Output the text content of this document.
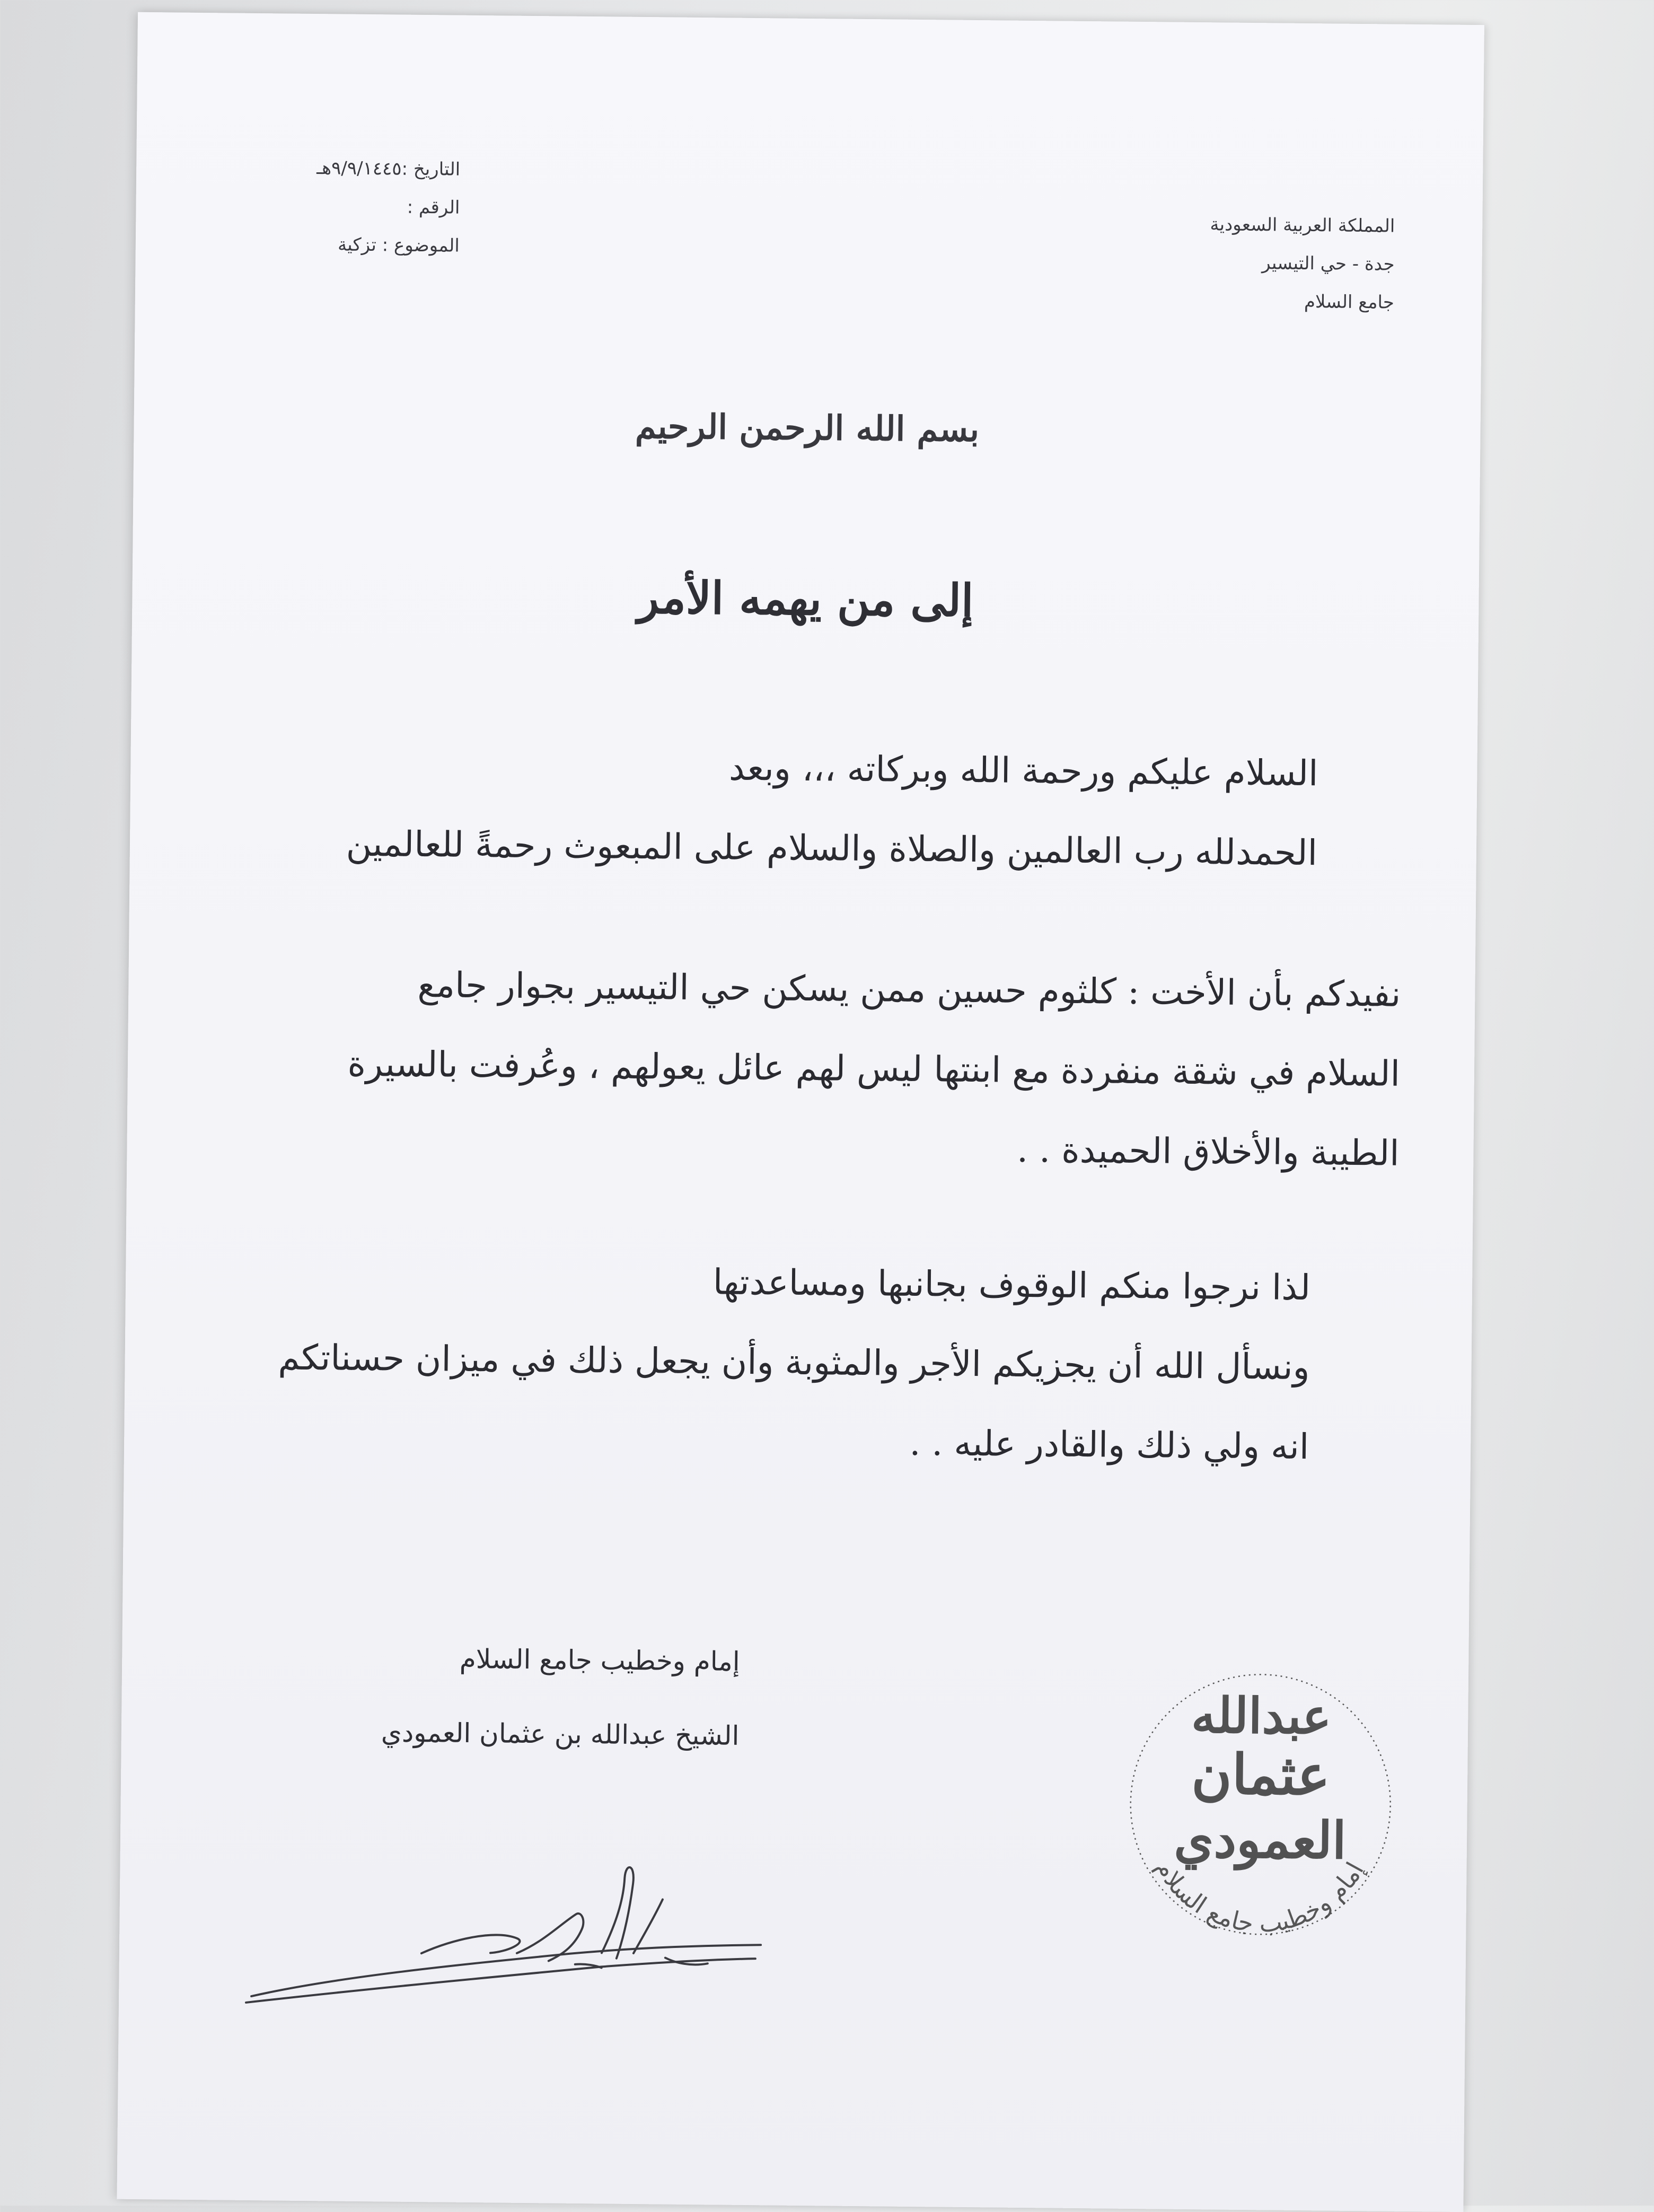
التاريخ :٩/٩/١٤٤٥هـ
الرقم :
الموضوع : تزكية
المملكة العربية السعودية
جدة - حي التيسير
جامع السلام
بسم الله الرحمن الرحيم
إلى من يهمه الأمر
السلام عليكم ورحمة الله وبركاته ،،، وبعد
الحمدلله رب العالمين والصلاة والسلام على المبعوث رحمةً للعالمين
نفيدكم بأن الأخت : كلثوم حسين ممن يسكن حي التيسير بجوار جامع
السلام في شقة منفردة مع ابنتها ليس لهم عائل يعولهم ، وعُرفت بالسيرة
الطيبة والأخلاق الحميدة . .
لذا نرجوا منكم الوقوف بجانبها ومساعدتها
ونسأل الله أن يجزيكم الأجر والمثوبة وأن يجعل ذلك في ميزان حسناتكم
انه ولي ذلك والقادر عليه . .
إمام وخطيب جامع السلام
الشيخ عبدالله بن عثمان العمودي	عبدالله
عثمان
العمودي
إمام وخطيب جامع السلام
